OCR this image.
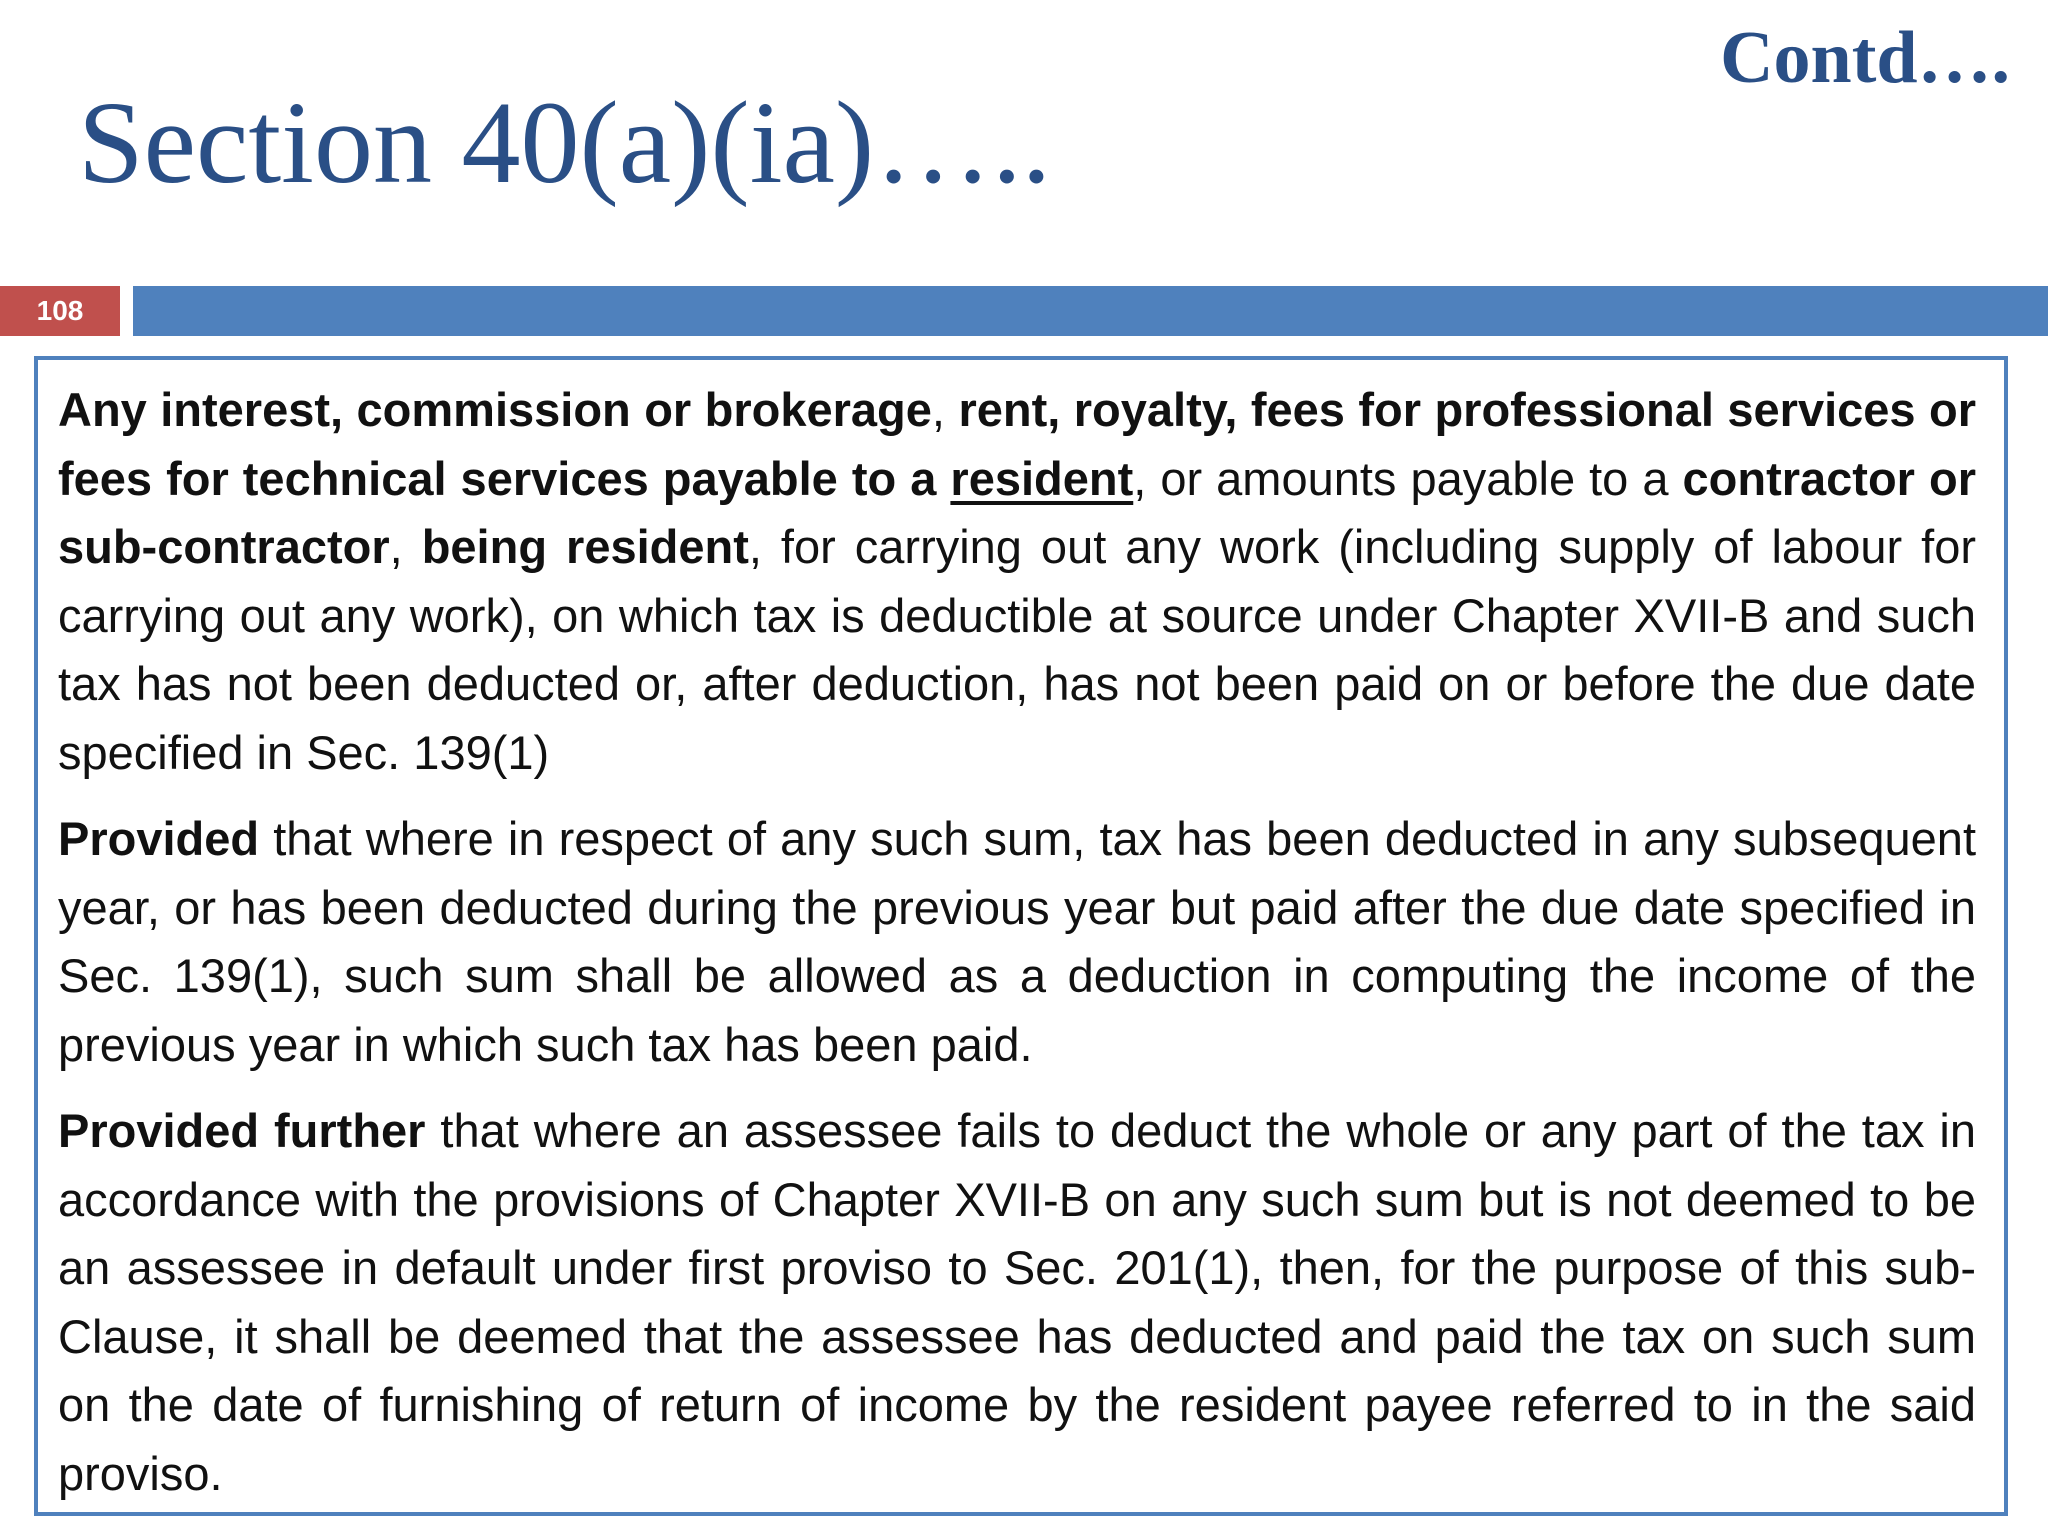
Section 40(a)(ia)…..
Contd….
108

Any interest, commission or brokerage, rent, royalty, fees for professional services or fees for technical services payable to a resident, or amounts payable to a contractor or sub-contractor, being resident, for carrying out any work (including supply of labour for carrying out any work), on which tax is deductible at source under Chapter XVII-B and such tax has not been deducted or, after deduction, has not been paid on or before the due date specified in Sec. 139(1)

Provided that where in respect of any such sum, tax has been deducted in any subsequent year, or has been deducted during the previous year but paid after the due date specified in Sec. 139(1), such sum shall be allowed as a deduction in computing the income of the previous year in which such tax has been paid.

Provided further that where an assessee fails to deduct the whole or any part of the tax in accordance with the provisions of Chapter XVII-B on any such sum but is not deemed to be an assessee in default under first proviso to Sec. 201(1), then, for the purpose of this sub-Clause, it shall be deemed that the assessee has deducted and paid the tax on such sum on the date of furnishing of return of income by the resident payee referred to in the said proviso.
